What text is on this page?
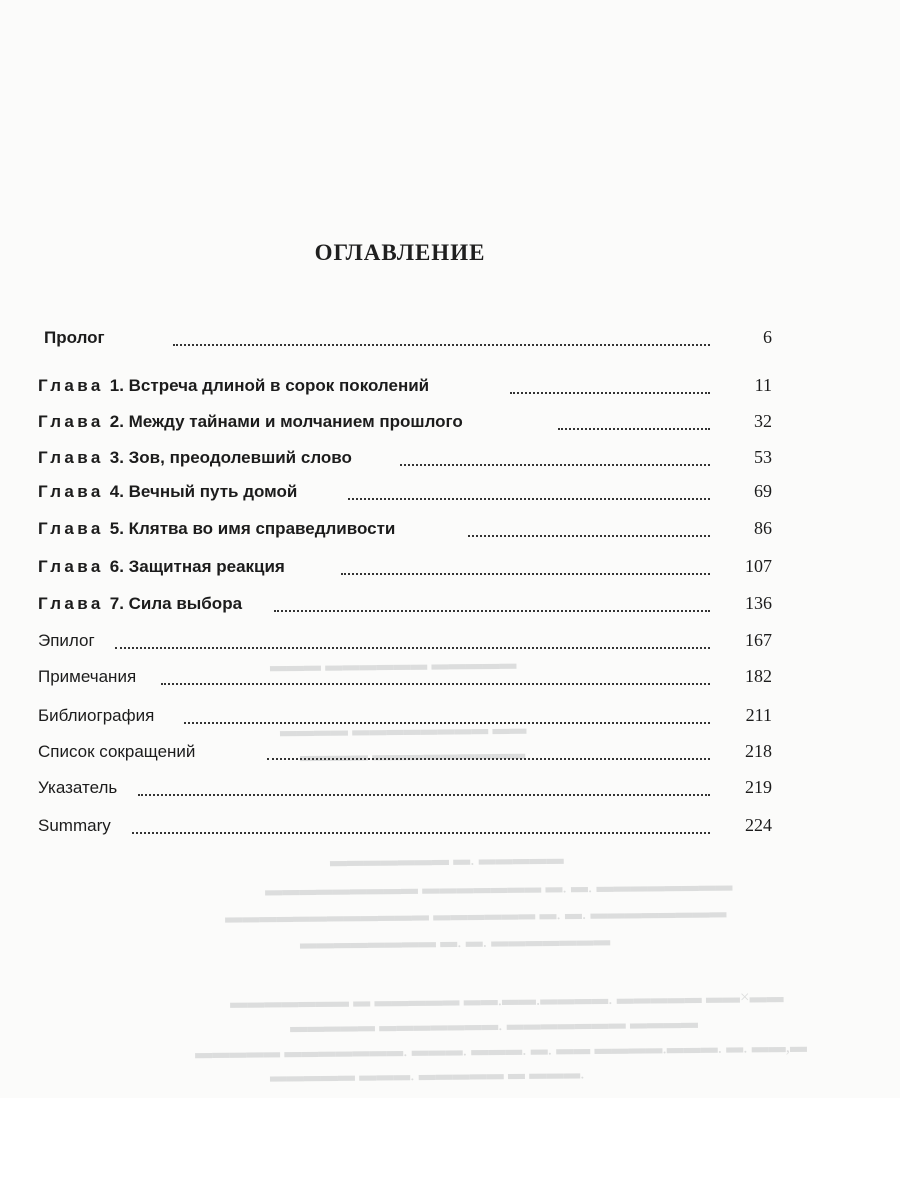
▬▬▬ ▬▬▬▬▬▬ ▬▬▬▬▬
▬▬▬▬ ▬▬▬▬▬▬▬▬ ▬▬
▬▬▬▬ ▬▬▬▬▬▬▬▬▬
▬▬▬▬▬▬▬ ▬. ▬▬▬▬▬
▬▬▬▬▬▬▬▬▬ ▬▬▬▬▬▬▬ ▬. ▬. ▬▬▬▬▬▬▬▬
▬▬▬▬▬▬▬▬▬▬▬▬ ▬▬▬▬▬▬ ▬. ▬. ▬▬▬▬▬▬▬▬
▬▬▬▬▬▬▬▬ ▬. ▬. ▬▬▬▬▬▬▬
▬▬▬▬▬▬▬ ▬ ▬▬▬▬▬ ▬▬.▬▬.▬▬▬▬. ▬▬▬▬▬ ▬▬×▬▬
▬▬▬▬▬ ▬▬▬▬▬▬▬. ▬▬▬▬▬▬▬ ▬▬▬▬
▬▬▬▬▬ ▬▬▬▬▬▬▬. ▬▬▬. ▬▬▬. ▬. ▬▬ ▬▬▬▬.▬▬▬. ▬. ▬▬,▬
▬▬▬▬▬ ▬▬▬. ▬▬▬▬▬ ▬ ▬▬▬.
ОГЛАВЛЕНИЕ
Пролог	6
Глава 1. Встреча длиной в сорок поколений	11
Глава 2. Между тайнами и молчанием прошлого	32
Глава 3. Зов, преодолевший слово	53
Глава 4. Вечный путь домой	69
Глава 5. Клятва во имя справедливости	86
Глава 6. Защитная реакция	107
Глава 7. Сила выбора	136
Эпилог	167
Примечания	182
Библиография	211
Список сокращений	218
Указатель	219
Summary	224
